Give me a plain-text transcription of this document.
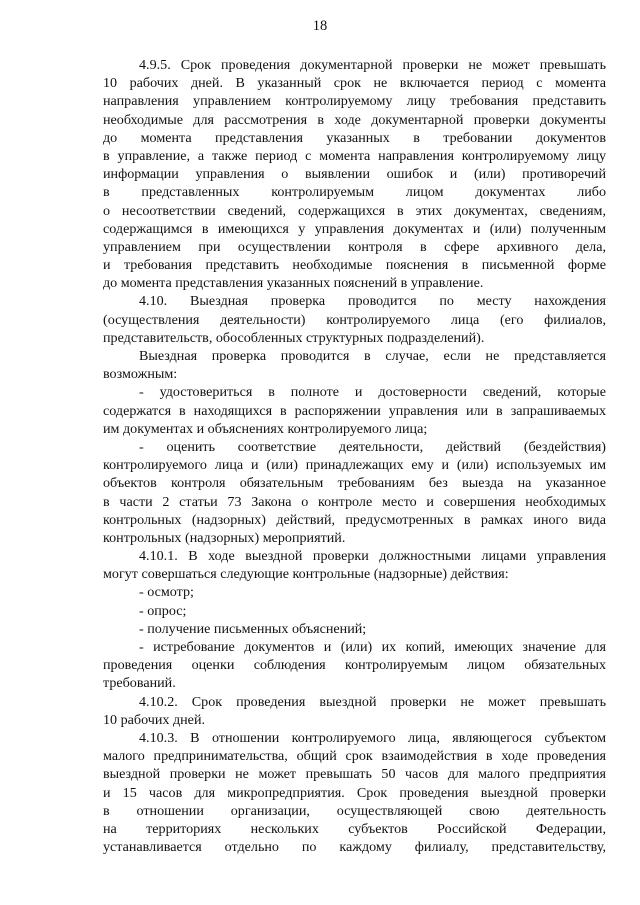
18
4.9.5. Срок проведения документарной проверки не может превышать
10 рабочих дней. В указанный срок не включается период с момента
направления управлением контролируемому лицу требования представить
необходимые для рассмотрения в ходе документарной проверки документы
до момента представления указанных в требовании документов
в управление, а также период с момента направления контролируемому лицу
информации управления о выявлении ошибок и (или) противоречий
в представленных контролируемым лицом документах либо
о несоответствии сведений, содержащихся в этих документах, сведениям,
содержащимся в имеющихся у управления документах и (или) полученным
управлением при осуществлении контроля в сфере архивного дела,
и требования представить необходимые пояснения в письменной форме
до момента представления указанных пояснений в управление.
4.10. Выездная проверка проводится по месту нахождения
(осуществления деятельности) контролируемого лица (его филиалов,
представительств, обособленных структурных подразделений).
Выездная проверка проводится в случае, если не представляется
возможным:
- удостовериться в полноте и достоверности сведений, которые
содержатся в находящихся в распоряжении управления или в запрашиваемых
им документах и объяснениях контролируемого лица;
- оценить соответствие деятельности, действий (бездействия)
контролируемого лица и (или) принадлежащих ему и (или) используемых им
объектов контроля обязательным требованиям без выезда на указанное
в части 2 статьи 73 Закона о контроле место и совершения необходимых
контрольных (надзорных) действий, предусмотренных в рамках иного вида
контрольных (надзорных) мероприятий.
4.10.1. В ходе выездной проверки должностными лицами управления
могут совершаться следующие контрольные (надзорные) действия:
- осмотр;
- опрос;
- получение письменных объяснений;
- истребование документов и (или) их копий, имеющих значение для
проведения оценки соблюдения контролируемым лицом обязательных
требований.
4.10.2. Срок проведения выездной проверки не может превышать
10 рабочих дней.
4.10.3. В отношении контролируемого лица, являющегося субъектом
малого предпринимательства, общий срок взаимодействия в ходе проведения
выездной проверки не может превышать 50 часов для малого предприятия
и 15 часов для микропредприятия. Срок проведения выездной проверки
в отношении организации, осуществляющей свою деятельность
на территориях нескольких субъектов Российской Федерации,
устанавливается отдельно по каждому филиалу, представительству,
